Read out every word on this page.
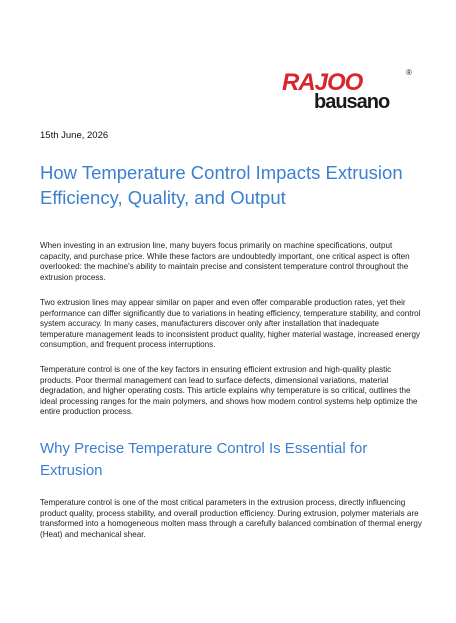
RAJOO
bausano
®
15th June, 2026
How Temperature Control Impacts Extrusion Efficiency, Quality, and Output

When investing in an extrusion line, many buyers focus primarily on machine specifications, output capacity, and purchase price. While these factors are undoubtedly important, one critical aspect is often overlooked: the machine's ability to maintain precise and consistent temperature control throughout the extrusion process.

Two extrusion lines may appear similar on paper and even offer comparable production rates, yet their performance can differ significantly due to variations in heating efficiency, temperature stability, and control system accuracy. In many cases, manufacturers discover only after installation that inadequate temperature management leads to inconsistent product quality, higher material wastage, increased energy consumption, and frequent process interruptions.

Temperature control is one of the key factors in ensuring efficient extrusion and high-quality plastic products. Poor thermal management can lead to surface defects, dimensional variations, material degradation, and higher operating costs. This article explains why temperature is so critical, outlines the ideal processing ranges for the main polymers, and shows how modern control systems help optimize the entire production process.

Why Precise Temperature Control Is Essential for Extrusion

Temperature control is one of the most critical parameters in the extrusion process, directly influencing product quality, process stability, and overall production efficiency. During extrusion, polymer materials are transformed into a homogeneous molten mass through a carefully balanced combination of thermal energy (Heat) and mechanical shear.
